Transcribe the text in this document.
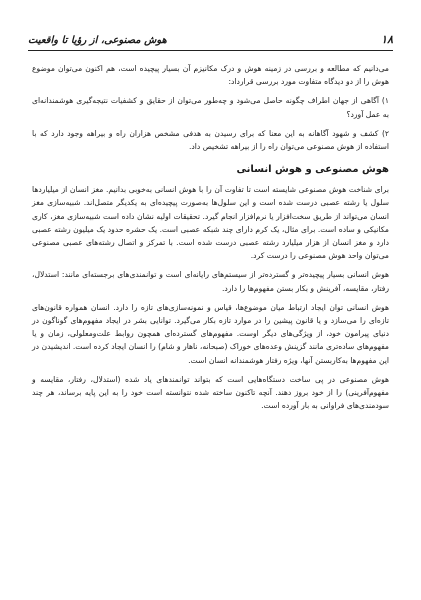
۱۸
هوش مصنوعی، از رؤیا تا واقعیت

می‌دانیم که مطالعه و بررسی در زمینه هوش و درک مکانیزم آن بسیار پیچیده است، هم اکنون می‌توان موضوع هوش را از دو دیدگاه متفاوت مورد بررسی قرارداد:

۱) آگاهی از جهان اطراف چگونه حاصل می‌شود و چه‌طور می‌توان از حقایق و کشفیات نتیجه‌گیری هوشمندانه‌ای به عمل آورد؟

۲) کشف و شهود آگاهانه به این معنا که برای رسیدن به هدفی مشخص هزاران راه و بیراهه وجود دارد که با استفاده از هوش مصنوعی می‌توان راه را از بیراهه تشخیص داد.

هوش مصنوعی و هوش انسانی

برای شناخت هوش مصنوعی شایسته است تا تفاوت آن را با هوش انسانی به‌خوبی بدانیم. مغز انسان از میلیاردها سلول یا رشته عصبی درست شده است و این سلول‌ها به‌صورت پیچیده‌ای به یکدیگر متصل‌اند. شبیه‌سازی مغز انسان می‌تواند از طریق سخت‌افزار یا نرم‌افزار انجام گیرد. تحقیقات اولیه نشان داده است شبیه‌سازی مغز، کاری مکانیکی و ساده است. برای مثال، یک کرم دارای چند شبکه عصبی است. یک حشره حدود یک میلیون رشته عصبی دارد و مغز انسان از هزار میلیارد رشته عصبی درست شده است. با تمرکز و اتصال رشته‌های عصبی مصنوعی می‌توان واحد هوش مصنوعی را درست کرد.

هوش انسانی بسیار پیچیده‌تر و گسترده‌تر از سیستم‌های رایانه‌ای است و توانمندی‌های برجسته‌ای مانند: استدلال، رفتار، مقایسه، آفرینش و بکار بستن مفهوم‌ها را دارد.

هوش انسانی توان ایجاد ارتباط میان موضوع‌ها، قیاس و نمونه‌سازی‌های تازه را دارد. انسان همواره قانون‌های تازه‌ای را می‌سازد و یا قانون پیشین را در موارد تازه بکار می‌گیرد. توانایی بشر در ایجاد مفهوم‌های گوناگون در دنیای پیرامون خود، از ویژگی‌های دیگر اوست. مفهوم‌های گسترده‌ای همچون روابط علت‌ومعلولی، زمان و یا مفهوم‌های ساده‌تری مانند گزینش وعده‌های خوراک (صبحانه، ناهار و شام) را انسان ایجاد کرده است. اندیشیدن در این مفهوم‌ها به‌کاربستن آنها، ویژه رفتار هوشمندانه انسان است.

هوش مصنوعی در پی ساخت دستگاه‌هایی است که بتواند توانمندهای یاد شده (استدلال، رفتار، مقایسه و مفهوم‌آفرینی) را از خود بروز دهند. آنچه تاکنون ساخته شده نتوانسته است خود را به این پایه برساند، هر چند سودمندی‌های فراوانی به بار آورده است.
